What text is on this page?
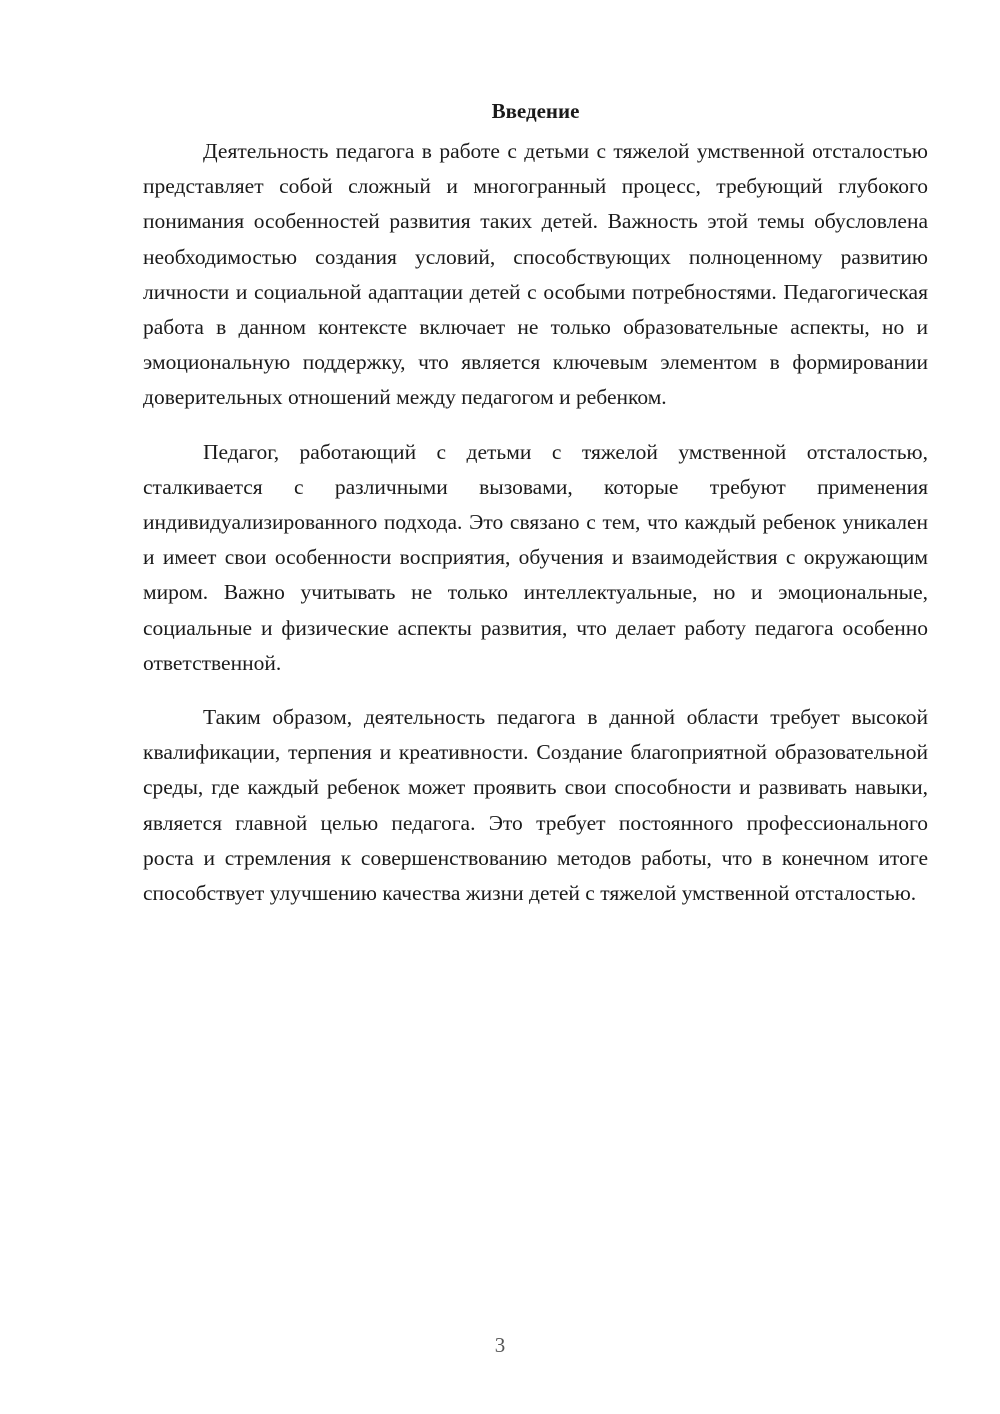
Введение

Деятельность педагога в работе с детьми с тяжелой умственной отсталостью представляет собой сложный и многогранный процесс, требующий глубокого понимания особенностей развития таких детей. Важность этой темы обусловлена необходимостью создания условий, способствующих полноценному развитию личности и социальной адаптации детей с особыми потребностями. Педагогическая работа в данном контексте включает не только образовательные аспекты, но и эмоциональную поддержку, что является ключевым элементом в формировании доверительных отношений между педагогом и ребенком.

Педагог, работающий с детьми с тяжелой умственной отсталостью, сталкивается с различными вызовами, которые требуют применения индивидуализированного подхода. Это связано с тем, что каждый ребенок уникален и имеет свои особенности восприятия, обучения и взаимодействия с окружающим миром. Важно учитывать не только интеллектуальные, но и эмоциональные, социальные и физические аспекты развития, что делает работу педагога особенно ответственной.

Таким образом, деятельность педагога в данной области требует высокой квалификации, терпения и креативности. Создание благоприятной образовательной среды, где каждый ребенок может проявить свои способности и развивать навыки, является главной целью педагога. Это требует постоянного профессионального роста и стремления к совершенствованию методов работы, что в конечном итоге способствует улучшению качества жизни детей с тяжелой умственной отсталостью.

3
